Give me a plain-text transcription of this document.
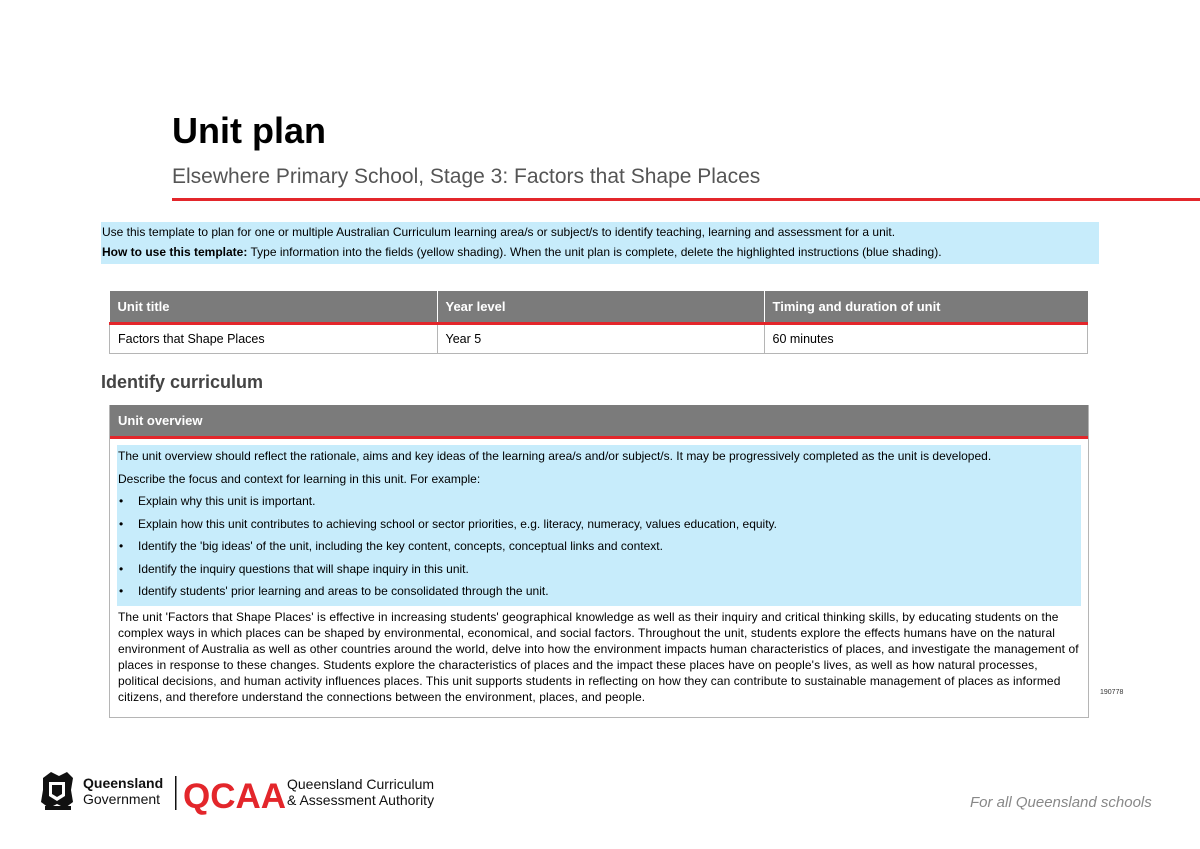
Unit plan
Elsewhere Primary School, Stage 3: Factors that Shape Places
Use this template to plan for one or multiple Australian Curriculum learning area/s or subject/s to identify teaching, learning and assessment for a unit.
How to use this template: Type information into the fields (yellow shading). When the unit plan is complete, delete the highlighted instructions (blue shading).
Unit title	Year level	Timing and duration of unit
Factors that Shape Places	Year 5	60 minutes
Identify curriculum
Unit overview

The unit overview should reflect the rationale, aims and key ideas of the learning area/s and/or subject/s. It may be progressively completed as the unit is developed.

Describe the focus and context for learning in this unit. For example:

• Explain why this unit is important.
• Explain how this unit contributes to achieving school or sector priorities, e.g. literacy, numeracy, values education, equity.
• Identify the 'big ideas' of the unit, including the key content, concepts, conceptual links and context.
• Identify the inquiry questions that will shape inquiry in this unit.
• Identify students' prior learning and areas to be consolidated through the unit.
The unit 'Factors that Shape Places' is effective in increasing students' geographical knowledge as well as their inquiry and critical thinking skills, by educating students on the complex ways in which places can be shaped by environmental, economical, and social factors. Throughout the unit, students explore the effects humans have on the natural environment of Australia as well as other countries around the world, delve into how the environment impacts human characteristics of places, and investigate the management of places in response to these changes. Students explore the characteristics of places and the impact these places have on people's lives, as well as how natural processes, political decisions, and human activity influences places. This unit supports students in reflecting on how they can contribute to sustainable management of places as informed citizens, and therefore understand the connections between the environment, places, and people.	190778
Queensland
Government QCAA Queensland Curriculum
& Assessment Authority	For all Queensland schools
